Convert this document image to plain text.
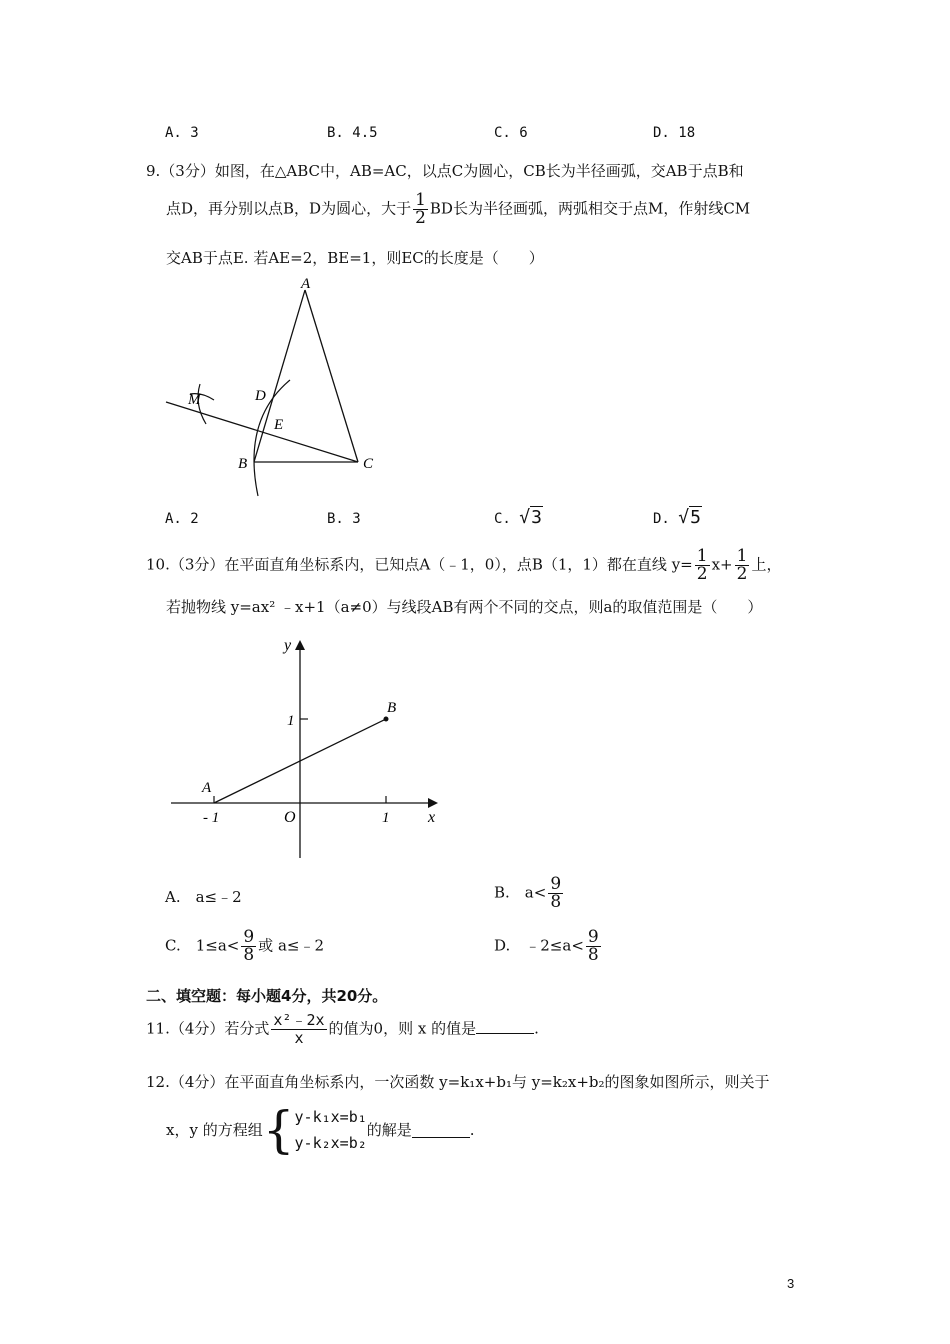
A. 3	B. 4.5	C. 6	D. 18
9.（3分）如图，在△ABC中，AB=AC，以点C为圆心，CB长为半径画弧，交AB于点B和
点D，再分别以点B，D为圆心，大于 $\frac{1}{2}$ BD长为半径画弧，两弧相交于点M，作射线CM
交AB于点E. 若AE=2，BE=1，则EC的长度是（　　）
A
B	C
D
E
M
A. 2	B. 3	C. √3	D. √5
10.（3分）在平面直角坐标系内，已知点A（﹣1，0），点B（1，1）都在直线 $y= \frac{1}{2} x+ \frac{1}{2}$ 上，
若抛物线 y=ax² ﹣x+1（a≠0）与线段AB有两个不同的交点，则a的取值范围是（　　）
y
x
O
A
B
1
1
- 1
A.　a≤﹣2	B.　$a< \frac{9}{8}$
C.　$1\le a< \frac{9}{8}$ 或 a≤﹣2	D.　﹣2≤a< $\frac{9}{8}$
二、填空题：每小题4分，共20分。
11.（4分）若分式 $\frac{\text{x²﹣2x}}{x}$ 的值为0，则 x 的值是	.
12.（4分）在平面直角坐标系内，一次函数 y=k₁x+b₁与 y=k₂x+b₂的图象如图所示，则关于
x，y 的方程组{ y-k₁x=b₁
y-k₂x=b₂
的解是	.
3
